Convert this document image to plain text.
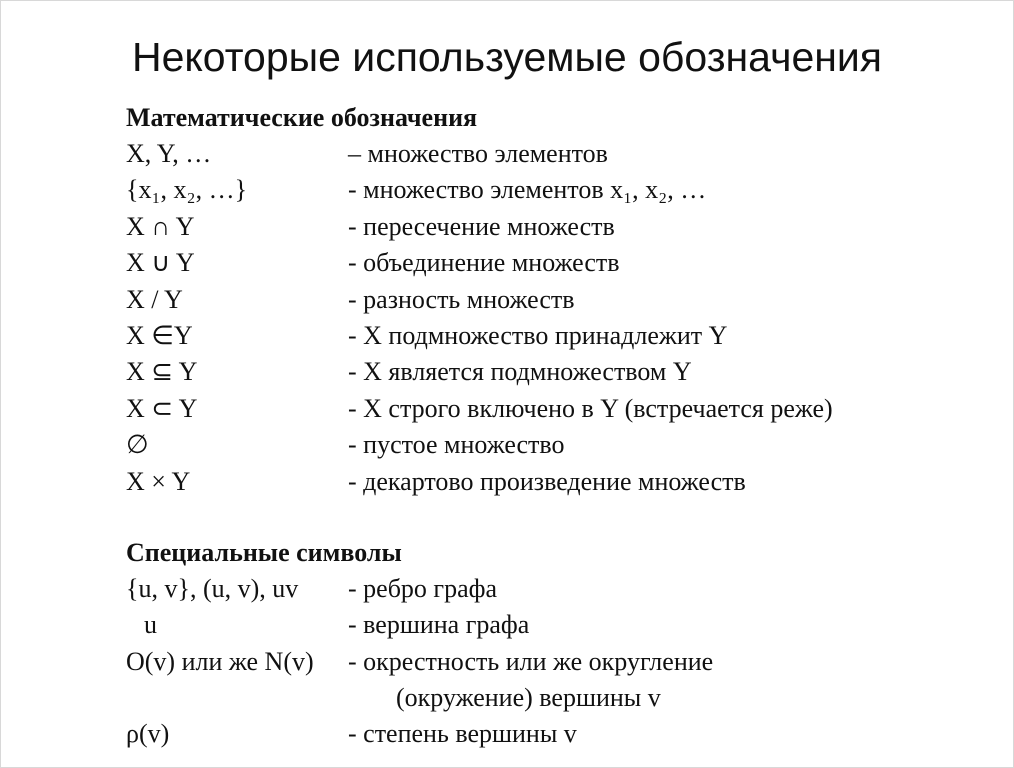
Некоторые используемые обозначения
Математические обозначения
X, Y, …	– множество элементов
{x₁, x₂, …}	- множество элементов x₁, x₂, …
X ∩ Y	- пересечение множеств
X ∪ Y	- объединение множеств
X / Y	- разность множеств
X ∈Y	- X подмножество принадлежит Y
X ⊆ Y	- X является подмножеством Y
X ⊂ Y	- X строго включено в Y (встречается реже)
∅	- пустое множество
X × Y	- декартово произведение множеств
Специальные символы
{u, v}, (u, v), uv - ребро графа
u	- вершина графа
O(v) или же N(v) - окрестность или же округление
(окружение) вершины v
ρ(v)	- степень вершины v
